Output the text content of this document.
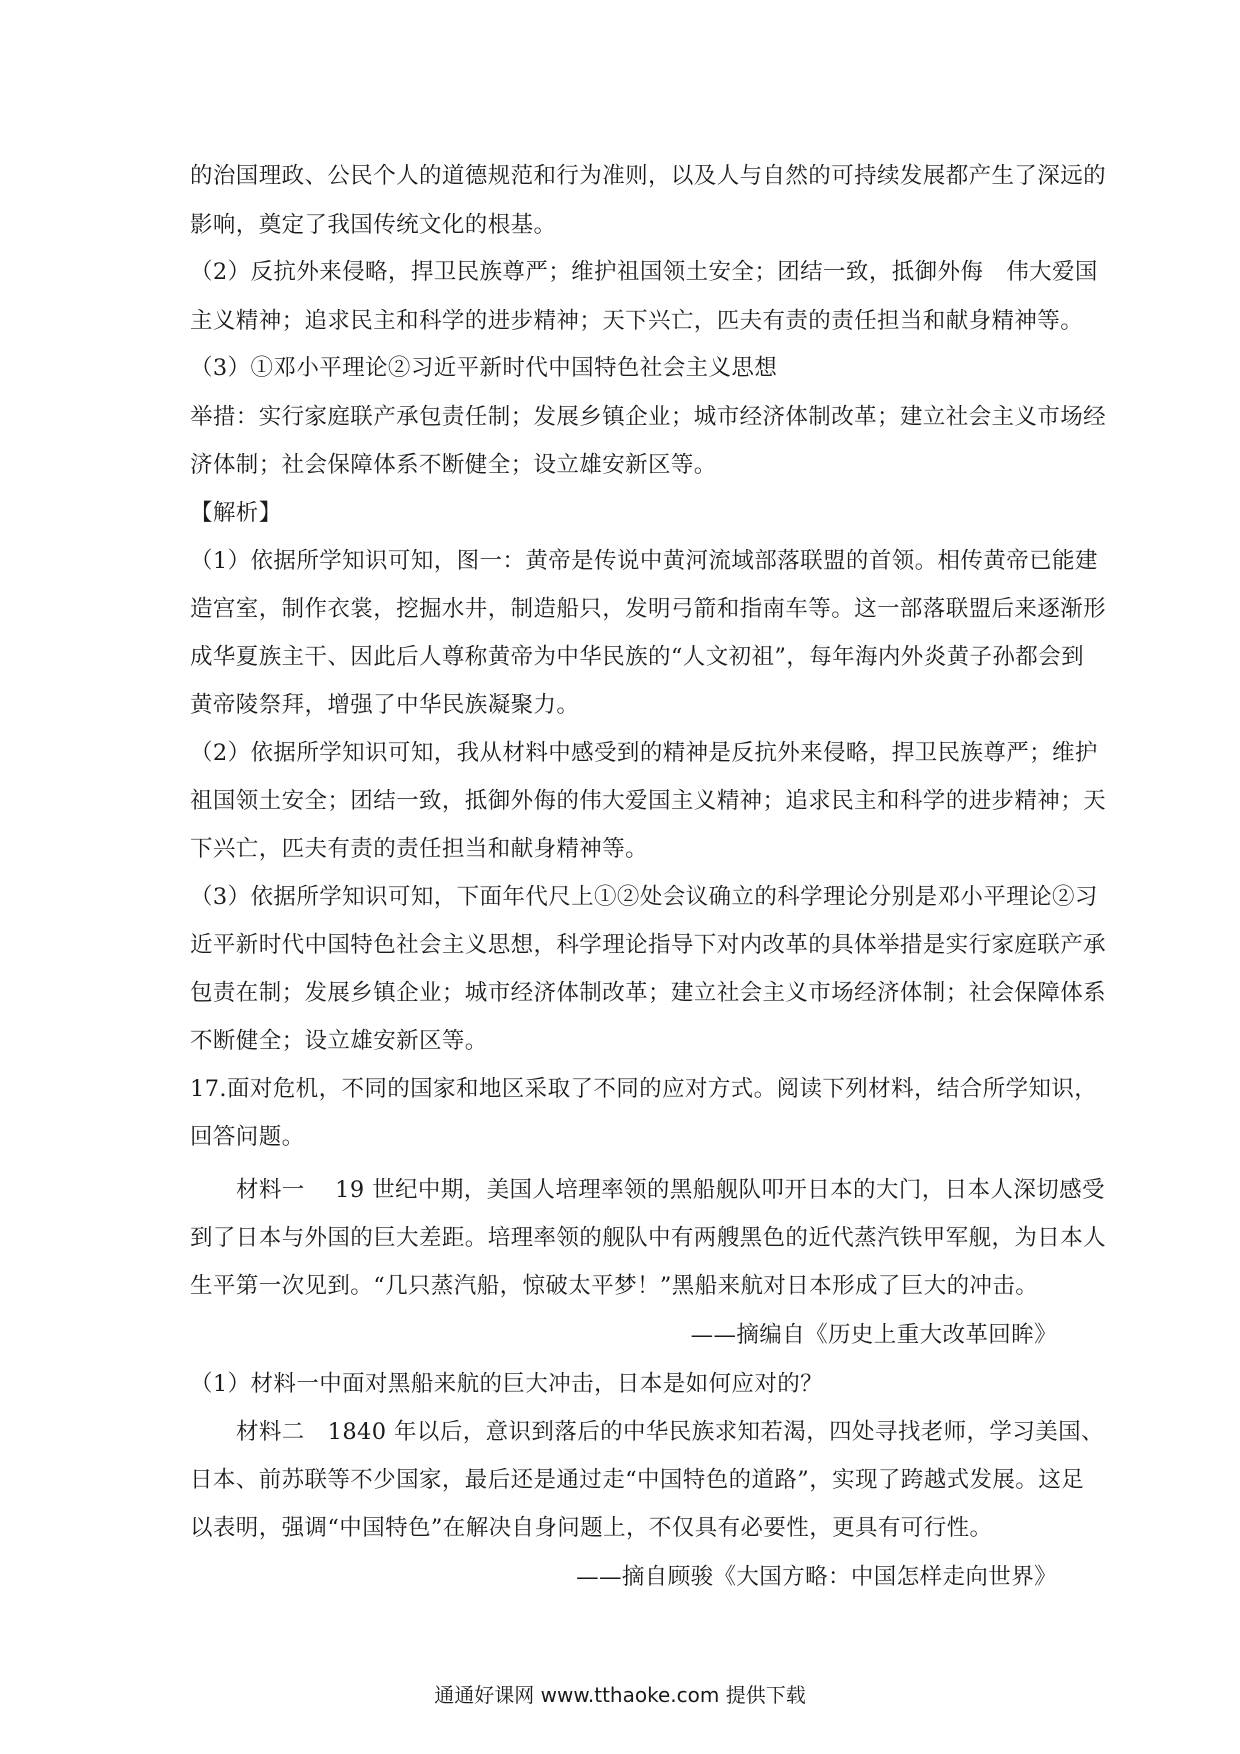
的治国理政、公民个人的道德规范和行为准则，以及人与自然的可持续发展都产生了深远的
影响，奠定了我国传统文化的根基。
（2）反抗外来侵略，捍卫民族尊严；维护祖国领土安全；团结一致，抵御外侮　伟大爱国
主义精神；追求民主和科学的进步精神；天下兴亡，匹夫有责的责任担当和献身精神等。
（3）①邓小平理论②习近平新时代中国特色社会主义思想
举措：实行家庭联产承包责任制；发展乡镇企业；城市经济体制改革；建立社会主义市场经
济体制；社会保障体系不断健全；设立雄安新区等。
【解析】
（1）依据所学知识可知，图一：黄帝是传说中黄河流域部落联盟的首领。相传黄帝已能建
造宫室，制作衣裳，挖掘水井，制造船只，发明弓箭和指南车等。这一部落联盟后来逐渐形
成华夏族主干、因此后人尊称黄帝为中华民族的“人文初祖”，每年海内外炎黄子孙都会到
黄帝陵祭拜，增强了中华民族凝聚力。
（2）依据所学知识可知，我从材料中感受到的精神是反抗外来侵略，捍卫民族尊严；维护
祖国领土安全；团结一致，抵御外侮的伟大爱国主义精神；追求民主和科学的进步精神；天
下兴亡，匹夫有责的责任担当和献身精神等。
（3）依据所学知识可知，下面年代尺上①②处会议确立的科学理论分别是邓小平理论②习
近平新时代中国特色社会主义思想，科学理论指导下对内改革的具体举措是实行家庭联产承
包责在制；发展乡镇企业；城市经济体制改革；建立社会主义市场经济体制；社会保障体系
不断健全；设立雄安新区等。
17.面对危机，不同的国家和地区采取了不同的应对方式。阅读下列材料，结合所学知识，
回答问题。
材料一　 19 世纪中期，美国人培理率领的黑船舰队叩开日本的大门，日本人深切感受
到了日本与外国的巨大差距。培理率领的舰队中有两艘黑色的近代蒸汽铁甲军舰，为日本人
生平第一次见到。“几只蒸汽船，惊破太平梦！”黑船来航对日本形成了巨大的冲击。
——摘编自《历史上重大改革回眸》
（1）材料一中面对黑船来航的巨大冲击，日本是如何应对的？
材料二　1840 年以后，意识到落后的中华民族求知若渴，四处寻找老师，学习美国、
日本、前苏联等不少国家，最后还是通过走“中国特色的道路”，实现了跨越式发展。这足
以表明，强调“中国特色”在解决自身问题上，不仅具有必要性，更具有可行性。
——摘自顾骏《大国方略：中国怎样走向世界》
通通好课网 www.tthaoke.com 提供下载
